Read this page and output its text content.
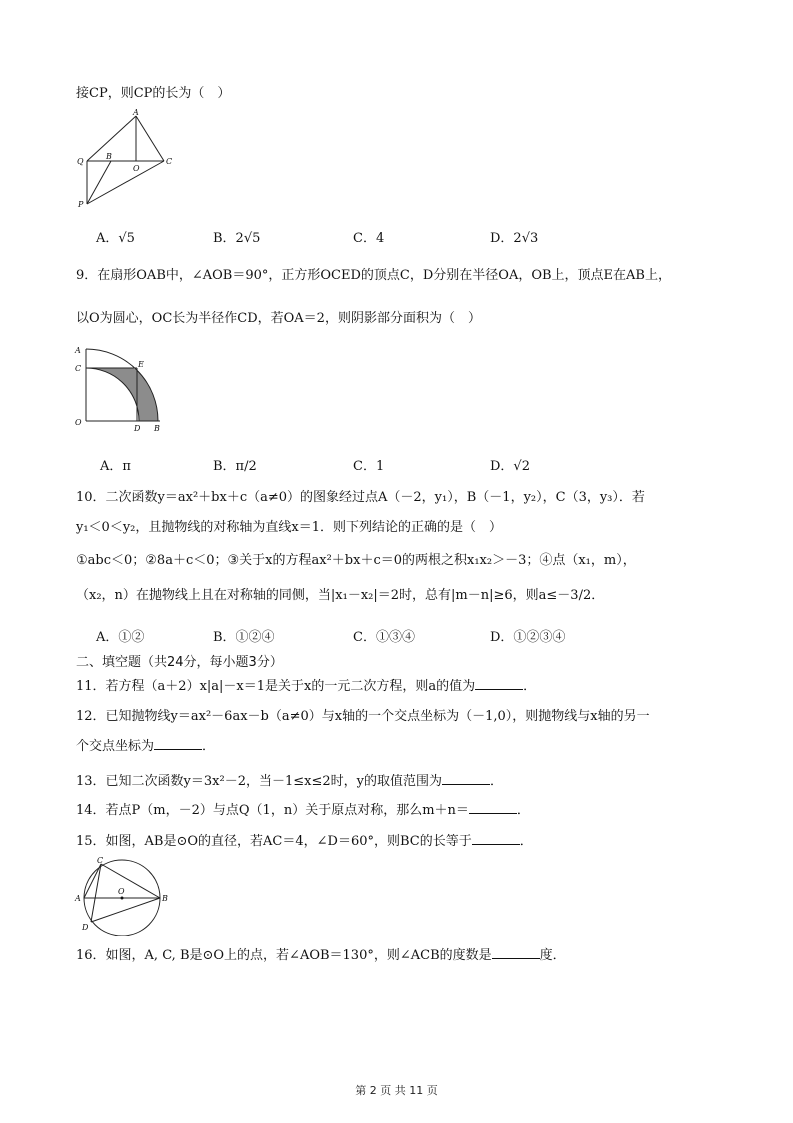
接CP，则CP的长为（　）
A
Q
B
O
C
P
A．√5	B．2√5	C．4	D．2√3
9．在扇形OAB中，∠AOB＝90°，正方形OCED的顶点C，D分别在半径OA，OB上，顶点E在AB上，
以O为圆心，OC长为半径作CD，若OA＝2，则阴影部分面积为（　）
A
C	E
O
D B
A．π	B．π/2	C．1	D．√2
10．二次函数y＝ax²＋bx＋c（a≠0）的图象经过点A（－2，y₁），B（－1，y₂），C（3，y₃）．若
y₁＜0＜y₂，且抛物线的对称轴为直线x＝1．则下列结论的正确的是（　）
①abc＜0；②8a＋c＜0；③关于x的方程ax²＋bx＋c＝0的两根之积x₁x₂＞－3；④点（x₁，m），
（x₂，n）在抛物线上且在对称轴的同侧，当|x₁－x₂|＝2时，总有|m－n|≥6，则a≤－3/2．
A．①②	B．①②④	C．①③④	D．①②③④
二、填空题（共24分，每小题3分）
11．若方程（a＋2）x|a|－x＝1是关于x的一元二次方程，则a的值为	．
12．已知抛物线y＝ax²－6ax－b（a≠0）与x轴的一个交点坐标为（－1,0），则抛物线与x轴的另一
个交点坐标为	．
13．已知二次函数y＝3x²－2，当－1≤x≤2时，y的取值范围为	．
14．若点P（m，－2）与点Q（1，n）关于原点对称，那么m＋n＝	．
15．如图，AB是⊙O的直径，若AC＝4，∠D＝60°，则BC的长等于	．
C
O
A	B
D
16．如图，A, C, B是⊙O上的点，若∠AOB＝130°，则∠ACB的度数是	度．
第 2 页 共 11 页
